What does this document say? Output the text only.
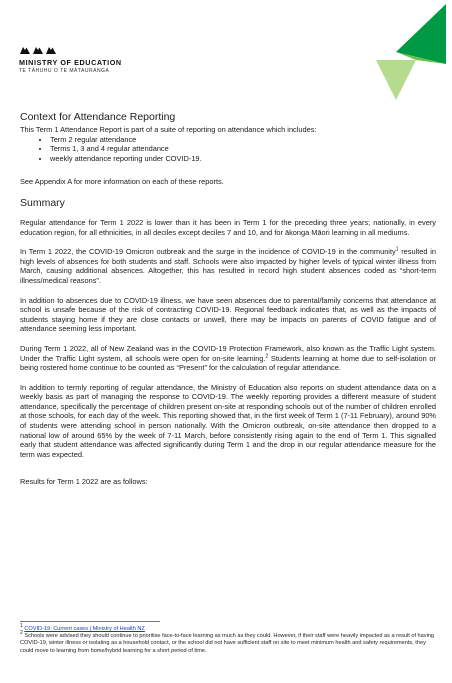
MINISTRY OF EDUCATION
TE TĀHUHU O TE MĀTAURANGA
Context for Attendance Reporting

This Term 1 Attendance Report is part of a suite of reporting on attendance which includes:

• Term 2 regular attendance
• Terms 1, 3 and 4 regular attendance
• weekly attendance reporting under COVID-19.

See Appendix A for more information on each of these reports.

Summary

Regular attendance for Term 1 2022 is lower than it has been in Term 1 for the preceding three years; nationally, in every education region, for all ethnicities, in all deciles except deciles 7 and 10, and for ākonga Māori learning in all mediums.

In Term 1 2022, the COVID-19 Omicron outbreak and the surge in the incidence of COVID-19 in the community$^1$ resulted in high levels of absences for both students and staff. Schools were also impacted by higher levels of typical winter illness from March, causing additional absences. Altogether, this has resulted in record high student absences coded as “short-term illness/medical reasons”.

In addition to absences due to COVID-19 illness, we have seen absences due to parental/family concerns that attendance at school is unsafe because of the risk of contracting COVID-19. Regional feedback indicates that, as well as the impacts of students staying home if they are close contacts or unwell, there may be impacts on parents of COVID fatigue and of attendance seeming less important.

During Term 1 2022, all of New Zealand was in the COVID-19 Protection Framework, also known as the Traffic Light system. Under the Traffic Light system, all schools were open for on-site learning.$^2$ Students learning at home due to self-isolation or being rostered home continue to be counted as “Present” for the calculation of regular attendance.

In addition to termly reporting of regular attendance, the Ministry of Education also reports on student attendance data on a weekly basis as part of managing the response to COVID-19. The weekly reporting provides a different measure of student attendance, specifically the percentage of children present on-site at responding schools out of the number of children enrolled at those schools, for each day of the week. This reporting showed that, in the first week of Term 1 (7-11 February), around 90% of students were attending school in person nationally. With the Omicron outbreak, on-site attendance then dropped to a national low of around 65% by the week of 7-11 March, before consistently rising again to the end of Term 1. This signalled early that student attendance was affected significantly during Term 1 and the drop in our regular attendance measure for the term was expected.

Results for Term 1 2022 are as follows:

$^1$ COVID-19: Current cases | Ministry of Health NZ
$^2$ Schools were advised they should continue to prioritise face-to-face learning as much as they could. However, if their staff were heavily impacted as a result of having COVID-19, winter illness or isolating as a household contact, or the school did not have sufficient staff on site to meet minimum health and safety requirements, they could move to learning from home/hybrid learning for a short period of time.
